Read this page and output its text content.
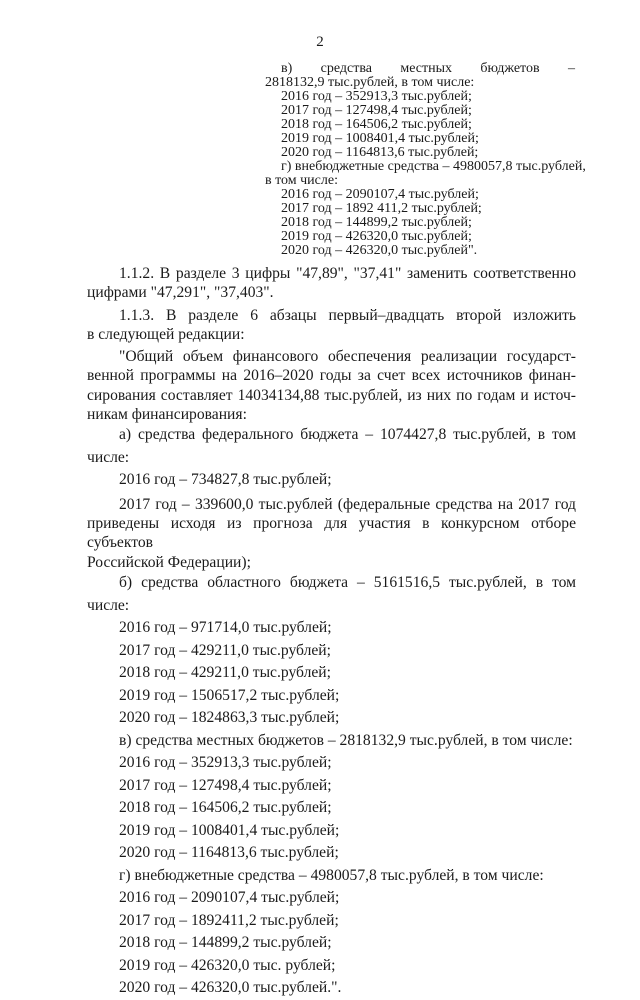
2
в) средства местных бюджетов –
2818132,9 тыс.рублей, в том числе:
2016 год – 352913,3 тыс.рублей;
2017 год – 127498,4 тыс.рублей;
2018 год – 164506,2 тыс.рублей;
2019 год – 1008401,4 тыс.рублей;
2020 год – 1164813,6 тыс.рублей;
г) внебюджетные средства – 4980057,8 тыс.рублей,
в том числе:
2016 год – 2090107,4 тыс.рублей;
2017 год – 1892 411,2 тыс.рублей;
2018 год – 144899,2 тыс.рублей;
2019 год – 426320,0 тыс.рублей;
2020 год – 426320,0 тыс.рублей".

1.1.2. В разделе 3 цифры "47,89", "37,41" заменить соответственно

цифрами "47,291", "37,403".

1.1.3. В разделе 6 абзацы первый–двадцать второй изложить

в следующей редакции:

"Общий объем финансового обеспечения реализации государст-

венной программы на 2016–2020 годы за счет всех источников финан-

сирования составляет 14034134,88 тыс.рублей, из них по годам и источ-

никам финансирования:

а) средства федерального бюджета – 1074427,8 тыс.рублей, в том числе:

2016 год – 734827,8 тыс.рублей;

2017 год – 339600,0 тыс.рублей (федеральные средства на 2017 год

приведены исходя из прогноза для участия в конкурсном отборе субъектов

Российской Федерации);

б) средства областного бюджета – 5161516,5 тыс.рублей, в том числе:

2016 год – 971714,0 тыс.рублей;

2017 год – 429211,0 тыс.рублей;

2018 год – 429211,0 тыс.рублей;

2019 год – 1506517,2 тыс.рублей;

2020 год – 1824863,3 тыс.рублей;

в) средства местных бюджетов – 2818132,9 тыс.рублей, в том числе:

2016 год – 352913,3 тыс.рублей;

2017 год – 127498,4 тыс.рублей;

2018 год – 164506,2 тыс.рублей;

2019 год – 1008401,4 тыс.рублей;

2020 год – 1164813,6 тыс.рублей;

г) внебюджетные средства – 4980057,8 тыс.рублей, в том числе:

2016 год – 2090107,4 тыс.рублей;

2017 год – 1892411,2 тыс.рублей;

2018 год – 144899,2 тыс.рублей;

2019 год – 426320,0 тыс. рублей;

2020 год – 426320,0 тыс.рублей.".
